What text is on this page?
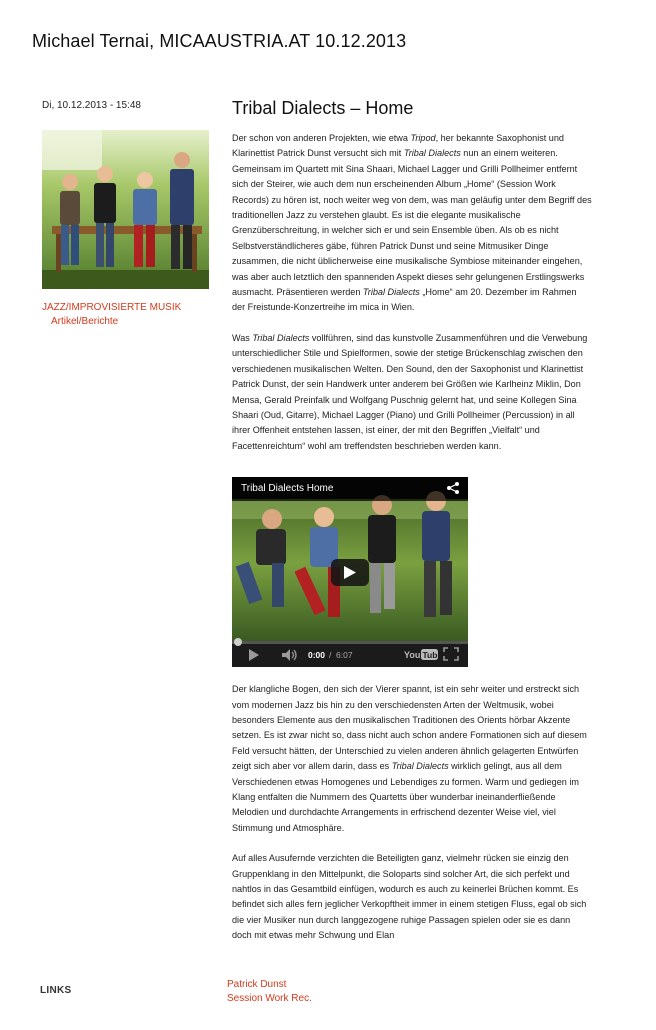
Michael Ternai, MICAAUSTRIA.AT 10.12.2013
Di, 10.12.2013 - 15:48
JAZZ/IMPROVISIERTE MUSIK
Artikel/Berichte
Tribal Dialects – Home

Der schon von anderen Projekten, wie etwa Tripod, her bekannte Saxophonist und Klarinettist Patrick Dunst versucht sich mit Tribal Dialects nun an einem weiteren. Gemeinsam im Quartett mit Sina Shaari, Michael Lagger und Grilli Pollheimer entfernt sich der Steirer, wie auch dem nun erscheinenden Album „Home“ (Session Work Records) zu hören ist, noch weiter weg von dem, was man geläufig unter dem Begriff des traditionellen Jazz zu verstehen glaubt. Es ist die elegante musikalische Grenzüberschreitung, in welcher sich er und sein Ensemble üben. Als ob es nicht Selbstverständlicheres gäbe, führen Patrick Dunst und seine Mitmusiker Dinge zusammen, die nicht üblicherweise eine musikalische Symbiose miteinander eingehen, was aber auch letztlich den spannenden Aspekt dieses sehr gelungenen Erstlingswerks ausmacht. Präsentieren werden Tribal Dialects „Home“ am 20. Dezember im Rahmen der Freistunde-Konzertreihe im mica in Wien.

Was Tribal Dialects vollführen, sind das kunstvolle Zusammenführen und die Verwebung unterschiedlicher Stile und Spielformen, sowie der stetige Brückenschlag zwischen den verschiedenen musikalischen Welten. Den Sound, den der Saxophonist und Klarinettist Patrick Dunst, der sein Handwerk unter anderem bei Größen wie Karlheinz Miklin, Don Mensa, Gerald Preinfalk und Wolfgang Puschnig gelernt hat, und seine Kollegen Sina Shaari (Oud, Gitarre), Michael Lagger (Piano) und Grilli Pollheimer (Percussion) in all ihrer Offenheit entstehen lassen, ist einer, der mit den Begriffen „Vielfalt“ und Facettenreichtum“ wohl am treffendsten beschrieben werden kann.

Tribal Dialects Home
0:00 / 6:07	You Tube

Der klangliche Bogen, den sich der Vierer spannt, ist ein sehr weiter und erstreckt sich vom modernen Jazz bis hin zu den verschiedensten Arten der Weltmusik, wobei besonders Elemente aus den musikalischen Traditionen des Orients hörbar Akzente setzen. Es ist zwar nicht so, dass nicht auch schon andere Formationen sich auf diesem Feld versucht hätten, der Unterschied zu vielen anderen ähnlich gelagerten Entwürfen zeigt sich aber vor allem darin, dass es Tribal Dialects wirklich gelingt, aus all dem Verschiedenen etwas Homogenes und Lebendiges zu formen. Warm und gediegen im Klang entfalten die Nummern des Quartetts über wunderbar ineinanderfließende Melodien und durchdachte Arrangements in erfrischend dezenter Weise viel, viel Stimmung und Atmosphäre.

Auf alles Ausufernde verzichten die Beteiligten ganz, vielmehr rücken sie einzig den Gruppenklang in den Mittelpunkt, die Soloparts sind solcher Art, die sich perfekt und nahtlos in das Gesamtbild einfügen, wodurch es auch zu keinerlei Brüchen kommt. Es befindet sich alles fern jeglicher Verkopftheit immer in einem stetigen Fluss, egal ob sich die vier Musiker nun durch langgezogene ruhige Passagen spielen oder sie es dann doch mit etwas mehr Schwung und Elan

LINKS
Patrick Dunst
Session Work Rec.
